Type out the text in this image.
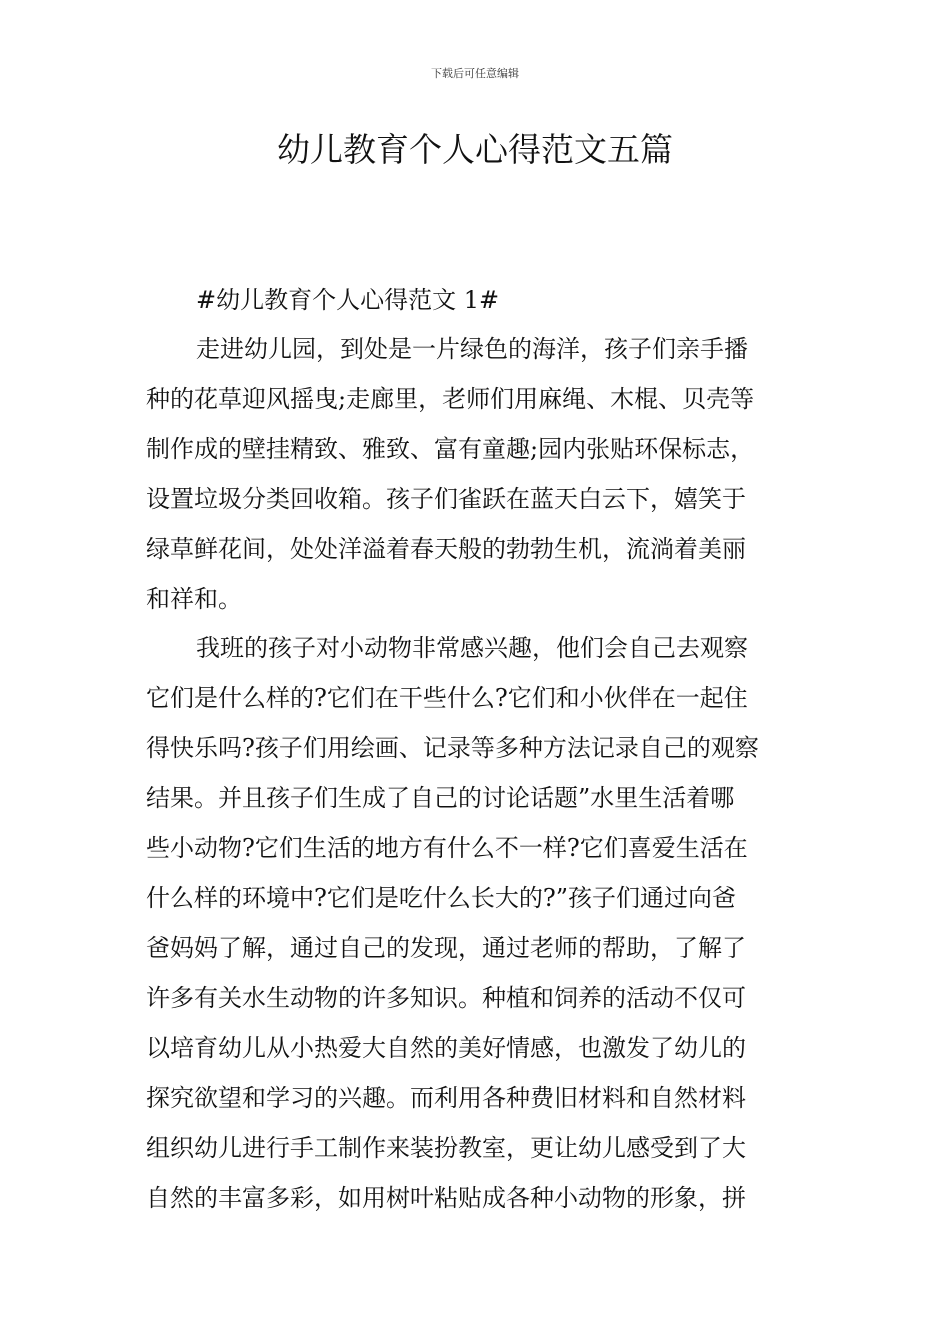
下载后可任意编辑
幼儿教育个人心得范文五篇
#幼儿教育个人心得范文 1#
走进幼儿园，到处是一片绿色的海洋，孩子们亲手播
种的花草迎风摇曳;走廊里，老师们用麻绳、木棍、贝壳等
制作成的壁挂精致、雅致、富有童趣;园内张贴环保标志，
设置垃圾分类回收箱。孩子们雀跃在蓝天白云下，嬉笑于
绿草鲜花间，处处洋溢着春天般的勃勃生机，流淌着美丽
和祥和。
我班的孩子对小动物非常感兴趣，他们会自己去观察
它们是什么样的?它们在干些什么?它们和小伙伴在一起住
得快乐吗?孩子们用绘画、记录等多种方法记录自己的观察
结果。并且孩子们生成了自己的讨论话题”水里生活着哪
些小动物?它们生活的地方有什么不一样?它们喜爱生活在
什么样的环境中?它们是吃什么长大的?”孩子们通过向爸
爸妈妈了解，通过自己的发现，通过老师的帮助，了解了
许多有关水生动物的许多知识。种植和饲养的活动不仅可
以培育幼儿从小热爱大自然的美好情感，也激发了幼儿的
探究欲望和学习的兴趣。而利用各种费旧材料和自然材料
组织幼儿进行手工制作来装扮教室，更让幼儿感受到了大
自然的丰富多彩，如用树叶粘贴成各种小动物的形象，拼
